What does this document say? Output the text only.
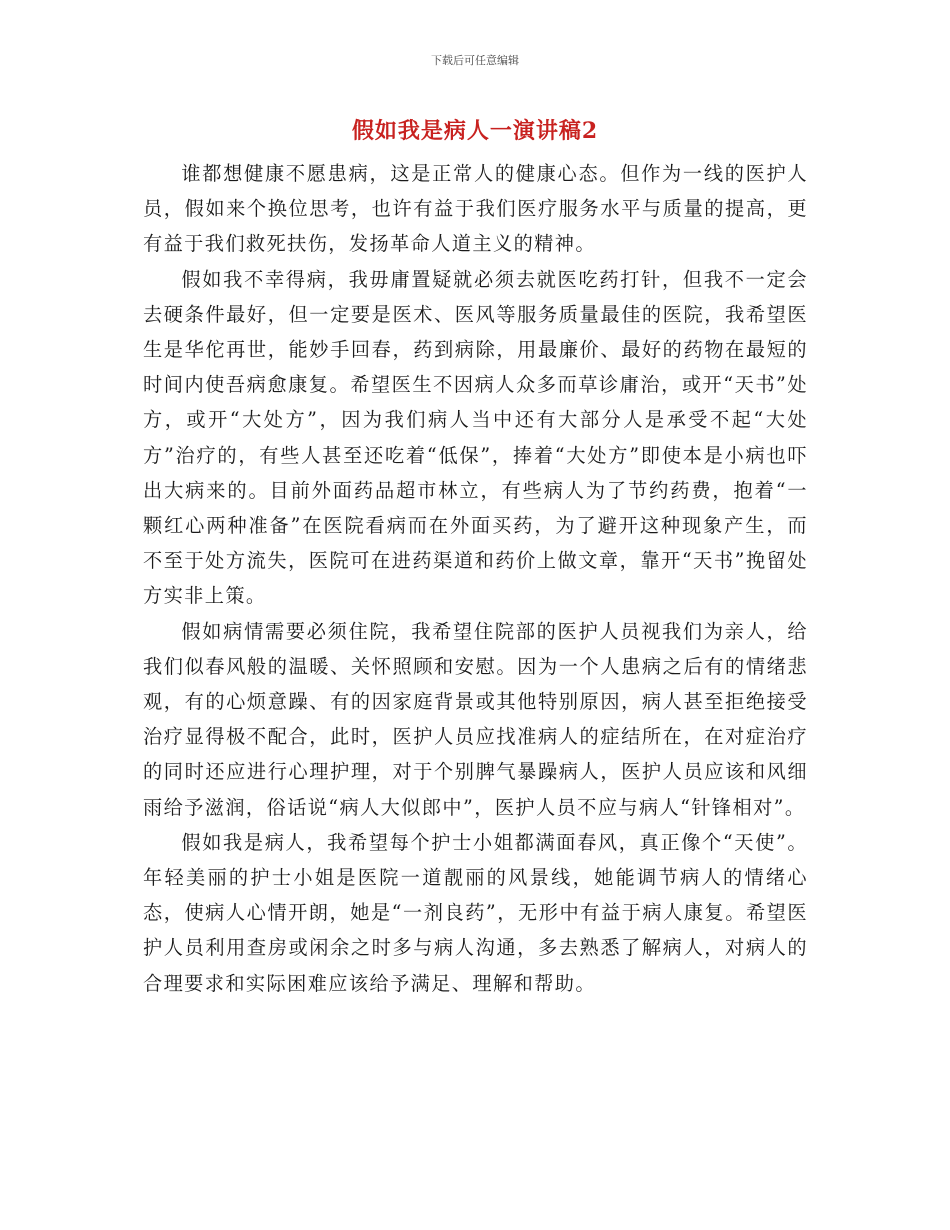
下载后可任意编辑
假如我是病人一演讲稿2

谁都想健康不愿患病，这是正常人的健康心态。但作为一线的医护人员，假如来个换位思考，也许有益于我们医疗服务水平与质量的提高，更有益于我们救死扶伤，发扬革命人道主义的精神。

假如我不幸得病，我毋庸置疑就必须去就医吃药打针，但我不一定会去硬条件最好，但一定要是医术、医风等服务质量最佳的医院，我希望医生是华佗再世，能妙手回春，药到病除，用最廉价、最好的药物在最短的时间内使吾病愈康复。希望医生不因病人众多而草诊庸治，或开“天书”处方，或开“大处方”，因为我们病人当中还有大部分人是承受不起“大处方”治疗的，有些人甚至还吃着“低保”，捧着“大处方”即使本是小病也吓出大病来的。目前外面药品超市林立，有些病人为了节约药费，抱着“一颗红心两种准备”在医院看病而在外面买药，为了避开这种现象产生，而不至于处方流失，医院可在进药渠道和药价上做文章，靠开“天书”挽留处方实非上策。

假如病情需要必须住院，我希望住院部的医护人员视我们为亲人，给我们似春风般的温暖、关怀照顾和安慰。因为一个人患病之后有的情绪悲观，有的心烦意躁、有的因家庭背景或其他特别原因，病人甚至拒绝接受治疗显得极不配合，此时，医护人员应找准病人的症结所在，在对症治疗的同时还应进行心理护理，对于个别脾气暴躁病人，医护人员应该和风细雨给予滋润，俗话说“病人大似郎中”，医护人员不应与病人“针锋相对”。

假如我是病人，我希望每个护士小姐都满面春风，真正像个“天使”。年轻美丽的护士小姐是医院一道靓丽的风景线，她能调节病人的情绪心态，使病人心情开朗，她是“一剂良药”，无形中有益于病人康复。希望医护人员利用查房或闲余之时多与病人沟通，多去熟悉了解病人，对病人的合理要求和实际困难应该给予满足、理解和帮助。
